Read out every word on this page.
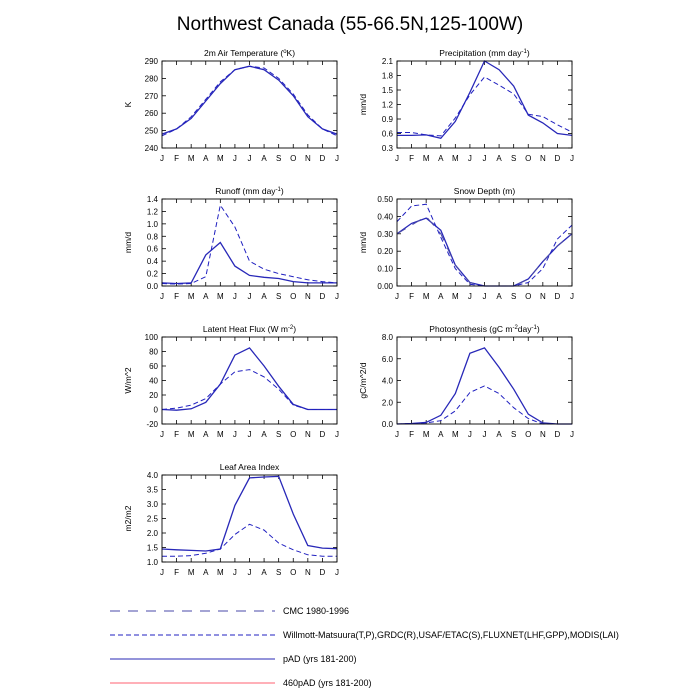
Northwest Canada (55-66.5N,125-100W)
2m Air Temperature ($^o$K)
K
240
250
260
270
280
290
J F M A M J J A S O N D J
Precipitation (mm day$^{-1}$)
mm/d
0.3
0.6
0.9
1.2
1.5
1.8
2.1
J F M A M J J A S O N D J
Runoff (mm day$^{-1}$)
mm/d
0.0
0.2
0.4
0.6
0.8
1.0
1.2
1.4
J F M A M J J A S O N D J
Snow Depth (m)
mm/d
0.00
0.10
0.20
0.30
0.40
0.50
J F M A M J J A S O N D J
Latent Heat Flux (W $m^{-2}$)
W/m^2
-20
0
20
40
60
80
100
J F M A M J J A S O N D J
Photosynthesis (gC $m^{-2}day^{-1}$)
gC/m^2/d
0.0
2.0
4.0
6.0
8.0
J F M A M J J A S O N D J
Leaf Area Index
m2/m2
1.0
1.5
2.0
2.5
3.0
3.5
4.0
J F M A M J J A S O N D J
CMC 1980-1996
Willmott-Matsuura(T,P),GRDC(R),USAF/ETAC(S),FLUXNET(LHF,GPP),MODIS(LAI)
pAD (yrs 181-200)
460pAD (yrs 181-200)
